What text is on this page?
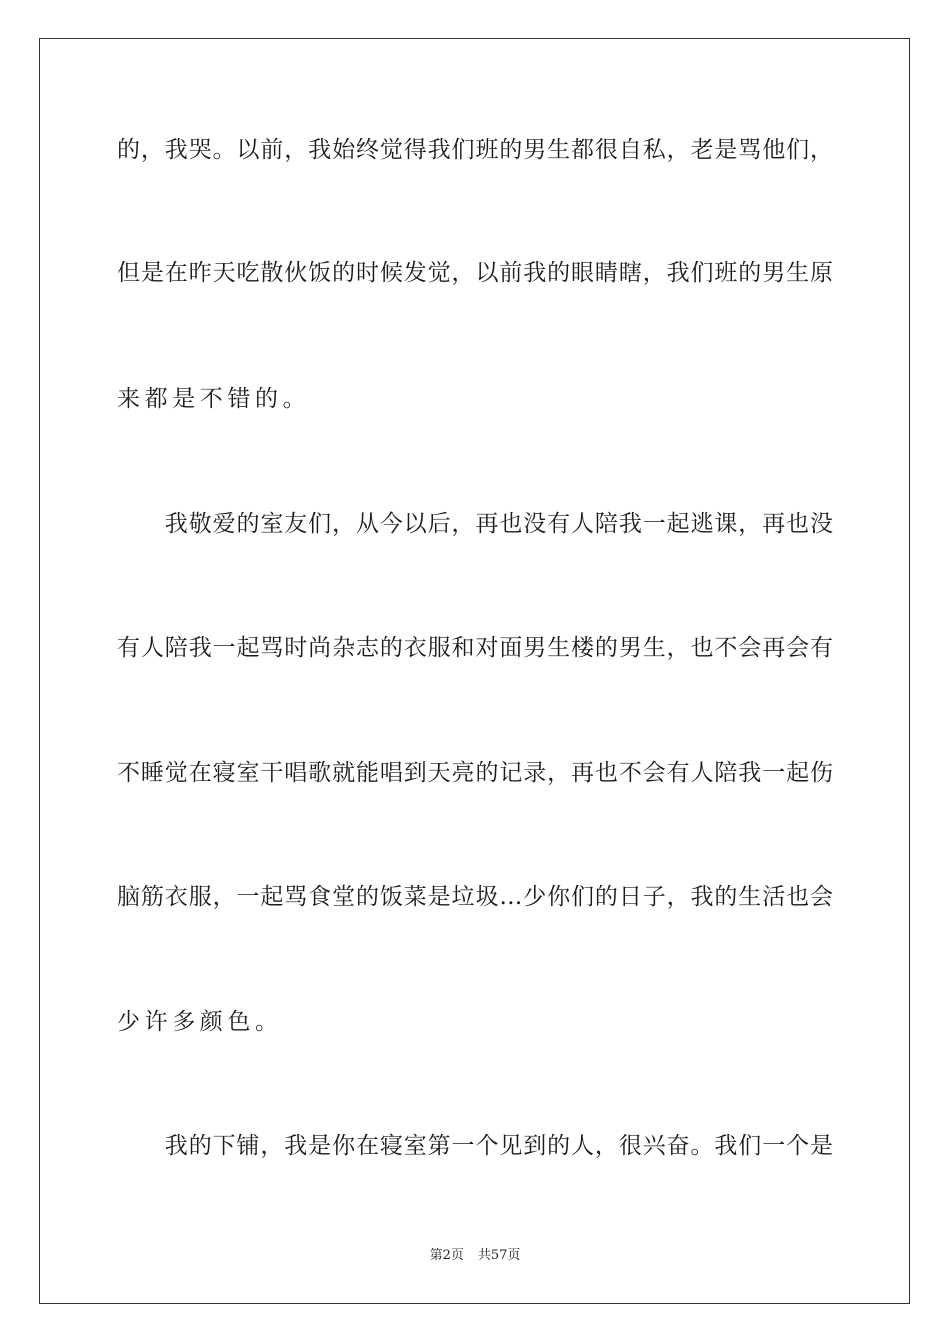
的，我哭。以前，我始终觉得我们班的男生都很自私，老是骂他们，
但是在昨天吃散伙饭的时候发觉，以前我的眼睛瞎，我们班的男生原
来都是不错的。
　　我敬爱的室友们，从今以后，再也没有人陪我一起逃课，再也没
有人陪我一起骂时尚杂志的衣服和对面男生楼的男生，也不会再会有
不睡觉在寝室干唱歌就能唱到天亮的记录，再也不会有人陪我一起伤
脑筋衣服，一起骂食堂的饭菜是垃圾…少你们的日子，我的生活也会
少许多颜色。
　　我的下铺，我是你在寝室第一个见到的人，很兴奋。我们一个是
第2页 共57页
